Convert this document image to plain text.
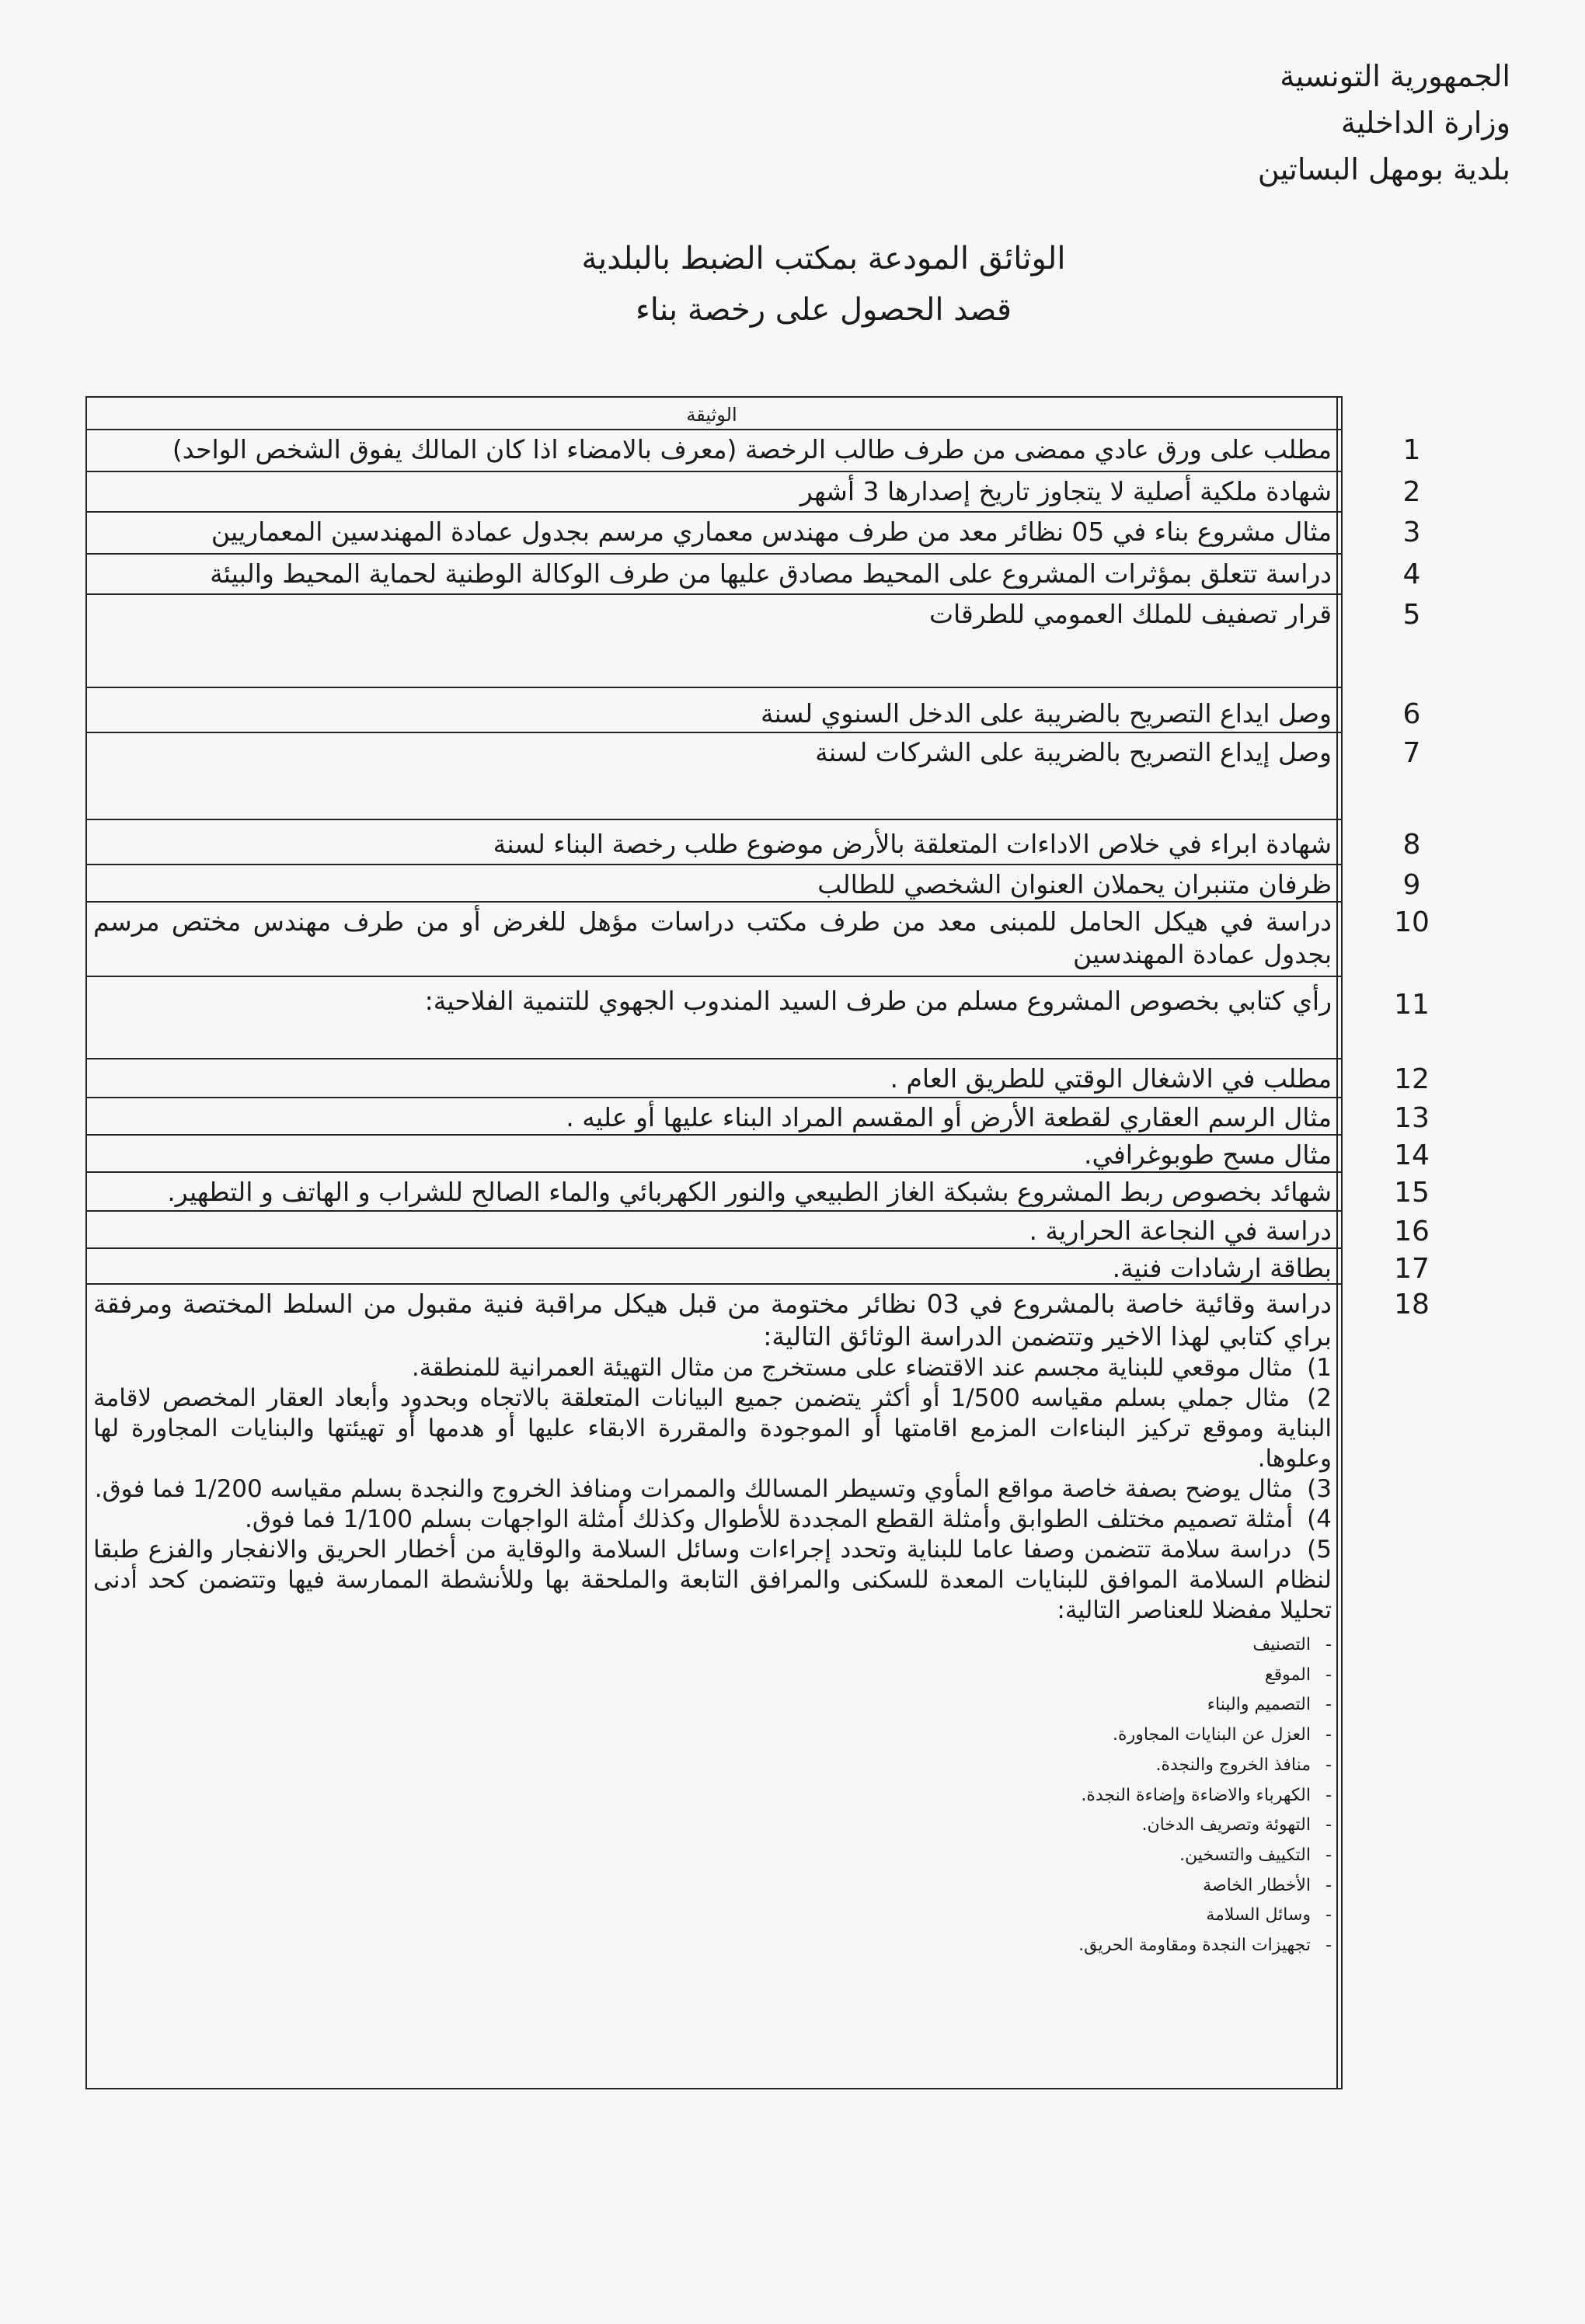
الجمهورية التونسية
وزارة الداخلية
بلدية بومهل البساتين
الوثائق المودعة بمكتب الضبط بالبلدية
قصد الحصول على رخصة بناء
الوثيقة
1
مطلب على ورق عادي ممضى من طرف طالب الرخصة (معرف بالامضاء اذا كان المالك يفوق الشخص الواحد)
2
شهادة ملكية أصلية لا يتجاوز تاريخ إصدارها 3 أشهر
3
مثال مشروع بناء في 05 نظائر معد من طرف مهندس معماري مرسم بجدول عمادة المهندسين المعماريين
4
دراسة تتعلق بمؤثرات المشروع على المحيط مصادق عليها من طرف الوكالة الوطنية لحماية المحيط والبيئة
5
قرار تصفيف للملك العمومي للطرقات
6
وصل ايداع التصريح بالضريبة على الدخل السنوي لسنة
7
وصل إيداع التصريح بالضريبة على الشركات لسنة
8
شهادة ابراء في خلاص الاداءات المتعلقة بالأرض موضوع طلب رخصة البناء لسنة
9
ظرفان متنبران يحملان العنوان الشخصي للطالب
10
دراسة في هيكل الحامل للمبنى معد من طرف مكتب دراسات مؤهل للغرض أو من طرف مهندس مختص مرسم بجدول عمادة المهندسين
11
رأي كتابي بخصوص المشروع مسلم من طرف السيد المندوب الجهوي للتنمية الفلاحية:
12
مطلب في الاشغال الوقتي للطريق العام .
13
مثال الرسم العقاري لقطعة الأرض أو المقسم المراد البناء عليها أو عليه .
14
مثال مسح طوبوغرافي.
15
شهائد بخصوص ربط المشروع بشبكة الغاز الطبيعي والنور الكهربائي والماء الصالح للشراب و الهاتف و التطهير.
16
دراسة في النجاعة الحرارية .
17
بطاقة ارشادات فنية.
18
دراسة وقائية خاصة بالمشروع في 03 نظائر مختومة من قبل هيكل مراقبة فنية مقبول من السلط المختصة ومرفقة براي كتابي لهذا الاخير وتتضمن الدراسة الوثائق التالية:

1) مثال موقعي للبناية مجسم عند الاقتضاء على مستخرج من مثال التهيئة العمرانية للمنطقة.

2) مثال جملي بسلم مقياسه 1/500 أو أكثر يتضمن جميع البيانات المتعلقة بالاتجاه وبحدود وأبعاد العقار المخصص لاقامة البناية وموقع تركيز البناءات المزمع اقامتها أو الموجودة والمقررة الابقاء عليها أو هدمها أو تهيئتها والبنايات المجاورة لها وعلوها.

3) مثال يوضح بصفة خاصة مواقع المأوي وتسيطر المسالك والممرات ومنافذ الخروج والنجدة بسلم مقياسه 1/200 فما فوق.

4) أمثلة تصميم مختلف الطوابق وأمثلة القطع المجددة للأطوال وكذلك أمثلة الواجهات بسلم 1/100 فما فوق.

5) دراسة سلامة تتضمن وصفا عاما للبناية وتحدد إجراءات وسائل السلامة والوقاية من أخطار الحريق والانفجار والفزع طبقا لنظام السلامة الموافق للبنايات المعدة للسكنى والمرافق التابعة والملحقة بها وللأنشطة الممارسة فيها وتتضمن كحد أدنى تحليلا مفضلا للعناصر التالية:

- التصنيف
- الموقع
- التصميم والبناء
- العزل عن البنايات المجاورة.
- منافذ الخروج والنجدة.
- الكهرباء والاضاءة وإضاءة النجدة.
- التهوئة وتصريف الدخان.
- التكييف والتسخين.
- الأخطار الخاصة
- وسائل السلامة
- تجهيزات النجدة ومقاومة الحريق.
